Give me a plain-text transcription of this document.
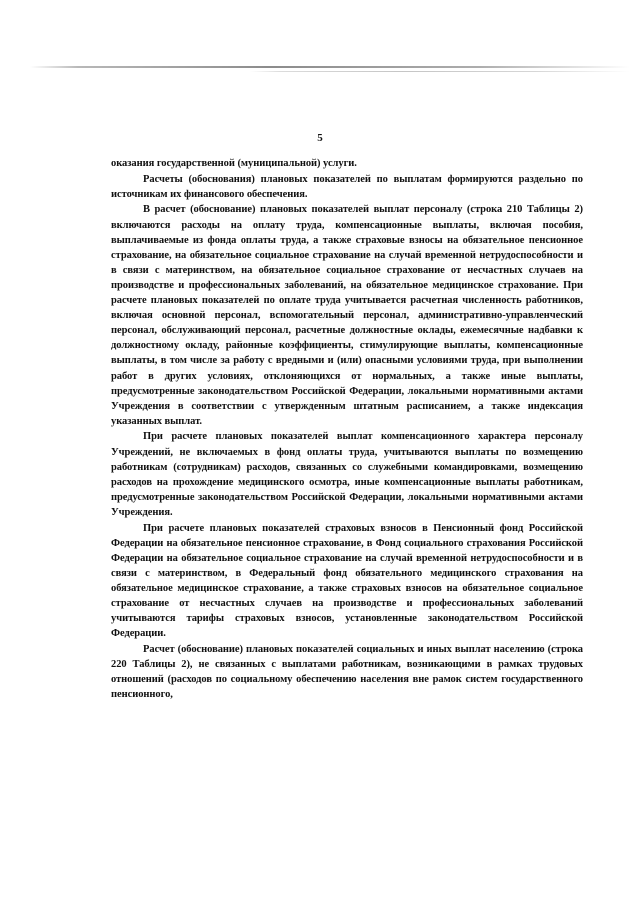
5

оказания государственной (муниципальной) услуги.

Расчеты (обоснования) плановых показателей по выплатам формируются раздельно по источникам их финансового обеспечения.

В расчет (обоснование) плановых показателей выплат персоналу (строка 210 Таблицы 2) включаются расходы на оплату труда, компенсационные выплаты, включая пособия, выплачиваемые из фонда оплаты труда, а также страховые взносы на обязательное пенсионное страхование, на обязательное социальное страхование на случай временной нетрудоспособности и в связи с материнством, на обязательное социальное страхование от несчастных случаев на производстве и профессиональных заболеваний, на обязательное медицинское страхование. При расчете плановых показателей по оплате труда учитывается расчетная численность работников, включая основной персонал, вспомогательный персонал, административно-управленческий персонал, обслуживающий персонал, расчетные должностные оклады, ежемесячные надбавки к должностному окладу, районные коэффициенты, стимулирующие выплаты, компенсационные выплаты, в том числе за работу с вредными и (или) опасными условиями труда, при выполнении работ в других условиях, отклоняющихся от нормальных, а также иные выплаты, предусмотренные законодательством Российской Федерации, локальными нормативными актами Учреждения в соответствии с утвержденным штатным расписанием, а также индексация указанных выплат.

При расчете плановых показателей выплат компенсационного характера персоналу Учреждений, не включаемых в фонд оплаты труда, учитываются выплаты по возмещению работникам (сотрудникам) расходов, связанных со служебными командировками, возмещению расходов на прохождение медицинского осмотра, иные компенсационные выплаты работникам, предусмотренные законодательством Российской Федерации, локальными нормативными актами Учреждения.

При расчете плановых показателей страховых взносов в Пенсионный фонд Российской Федерации на обязательное пенсионное страхование, в Фонд социального страхования Российской Федерации на обязательное социальное страхование на случай временной нетрудоспособности и в связи с материнством, в Федеральный фонд обязательного медицинского страхования на обязательное медицинское страхование, а также страховых взносов на обязательное социальное страхование от несчастных случаев на производстве и профессиональных заболеваний учитываются тарифы страховых взносов, установленные законодательством Российской Федерации.

Расчет (обоснование) плановых показателей социальных и иных выплат населению (строка 220 Таблицы 2), не связанных с выплатами работникам, возникающими в рамках трудовых отношений (расходов по социальному обеспечению населения вне рамок систем государственного пенсионного,
